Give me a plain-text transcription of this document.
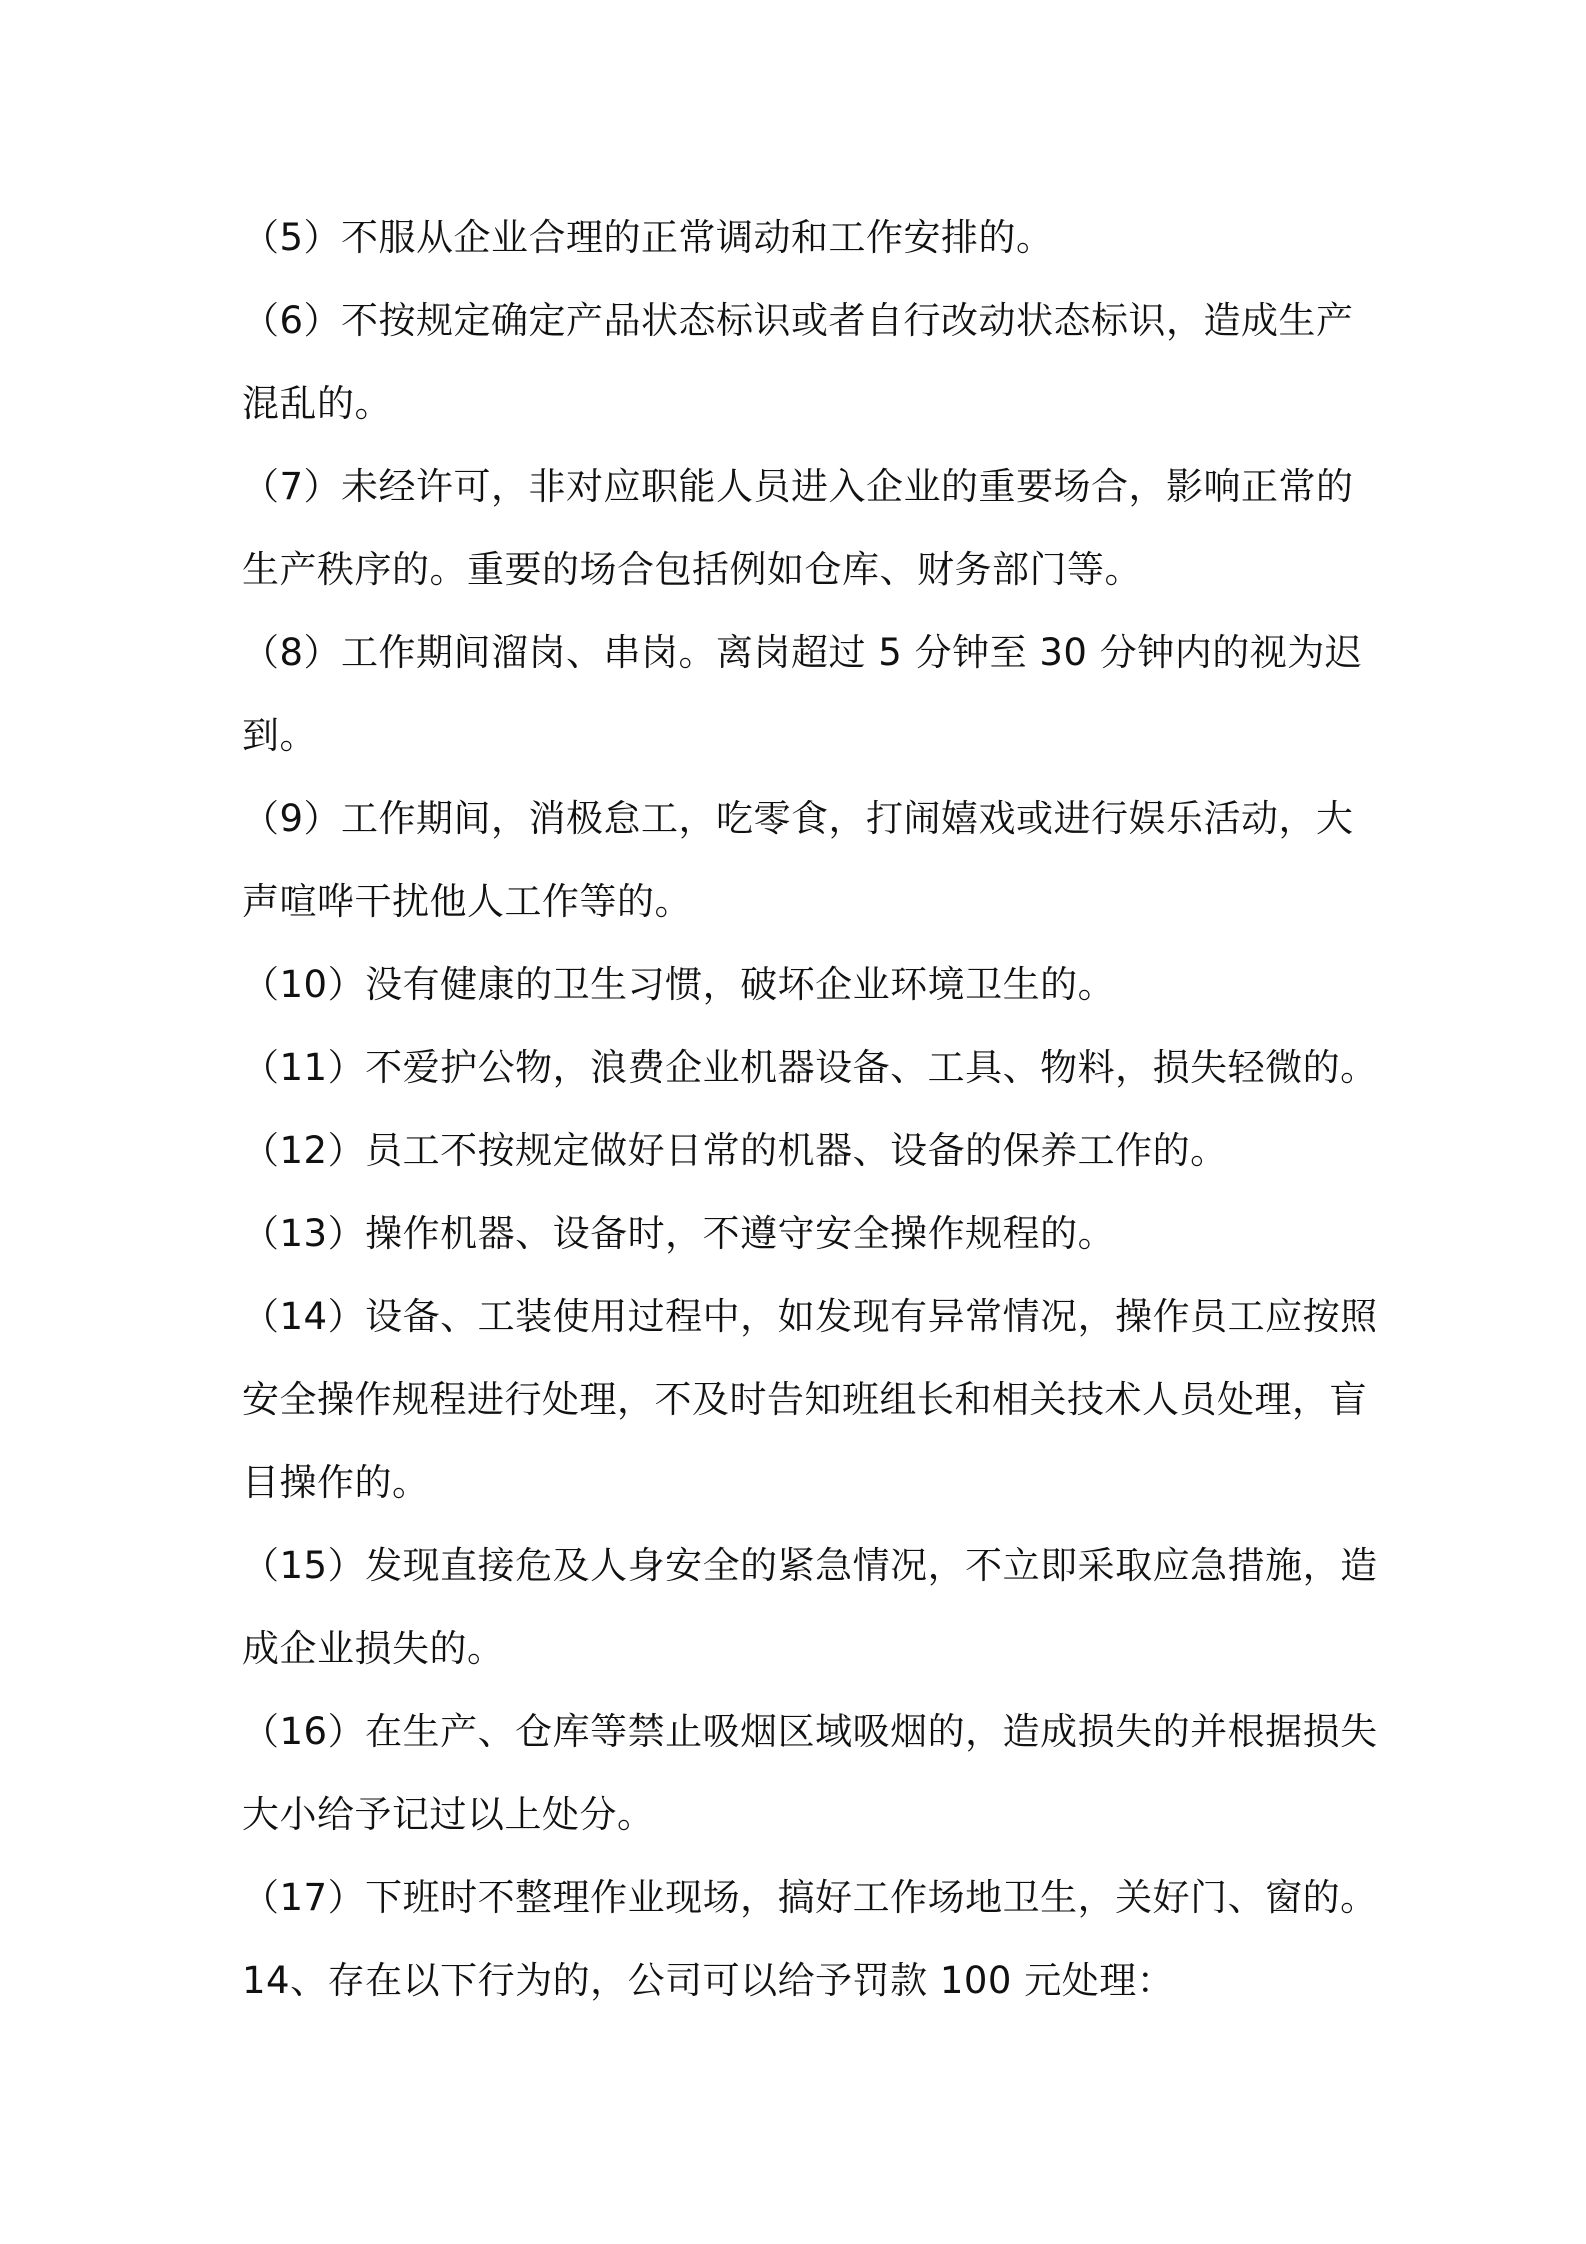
（5）不服从企业合理的正常调动和工作安排的。

（6）不按规定确定产品状态标识或者自行改动状态标识，造成生产
混乱的。

（7）未经许可，非对应职能人员进入企业的重要场合，影响正常的
生产秩序的。重要的场合包括例如仓库、财务部门等。

（8）工作期间溜岗、串岗。离岗超过 5 分钟至 30 分钟内的视为迟
到。

（9）工作期间，消极怠工，吃零食，打闹嬉戏或进行娱乐活动，大
声喧哗干扰他人工作等的。

（10）没有健康的卫生习惯，破坏企业环境卫生的。

（11）不爱护公物，浪费企业机器设备、工具、物料，损失轻微的。

（12）员工不按规定做好日常的机器、设备的保养工作的。

（13）操作机器、设备时，不遵守安全操作规程的。

（14）设备、工装使用过程中，如发现有异常情况，操作员工应按照
安全操作规程进行处理，不及时告知班组长和相关技术人员处理，盲
目操作的。

（15）发现直接危及人身安全的紧急情况，不立即采取应急措施，造
成企业损失的。

（16）在生产、仓库等禁止吸烟区域吸烟的，造成损失的并根据损失
大小给予记过以上处分。

（17）下班时不整理作业现场，搞好工作场地卫生，关好门、窗的。

14、存在以下行为的，公司可以给予罚款 100 元处理：
